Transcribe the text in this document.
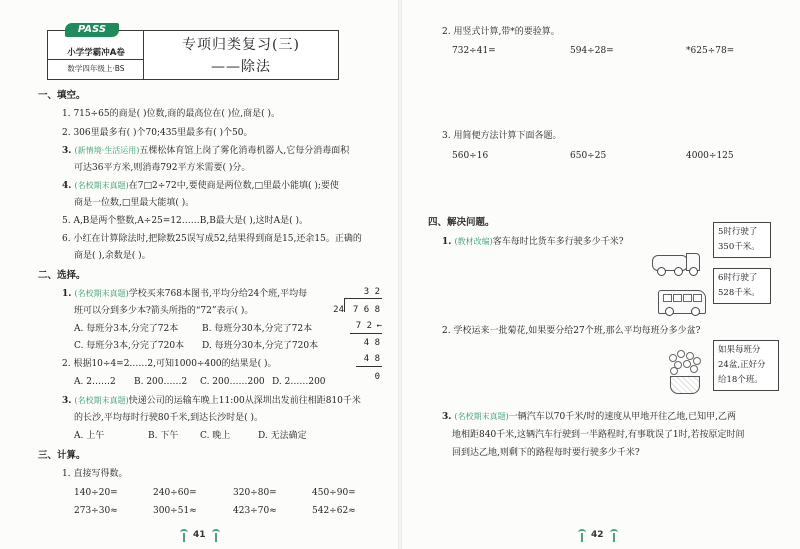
小学学霸冲A卷
数学四年级上·BS
专项归类复习(三)
——除法
PASS
一、填空。
1. 715÷65的商是( )位数,商的最高位在( )位,商是( )。
2. 306里最多有( )个70;435里最多有( )个50。
3. (新情境·生活运用)五棵松体育馆上岗了雾化消毒机器人,它每分消毒面积
可达36平方米,则消毒792平方米需要( )分。
4. (名校期末真题)在7□2÷72中,要使商是两位数,□里最小能填( );要使
商是一位数,□里最大能填( )。
5. A,B是两个整数,A÷25=12……B,B最大是( ),这时A是( )。
6. 小红在计算除法时,把除数25误写成52,结果得到商是15,还余15。正确的
商是( ),余数是( )。
二、选择。
1. (名校期末真题)学校买来768本图书,平均分给24个班,平均每
班可以分到多少本?箭头所指的“72”表示( )。
A. 每班分3本,分完了72本	B. 每班分30本,分完了72本
C. 每班分3本,分完了720本 D. 每班分30本,分完了720本
3 2
24 7 6 8
7 2 ←
4 8
4 8
0
2. 根据10÷4=2……2,可知1000÷400的结果是( )。
A. 2……2 B. 200……2 C. 200……200 D. 2……200
3. (名校期末真题)快递公司的运输车晚上11:00从深圳出发前往相距810千米
的长沙,平均每时行驶80千米,到达长沙时是( )。
A. 上午	B. 下午 C. 晚上	D. 无法确定
三、计算。
1. 直接写得数。
140÷20=	240÷60=	320÷80=	450÷90=
273÷30≈	300÷51≈	423÷70≈	542÷62≈
41
2. 用竖式计算,带*的要验算。
732÷41=	594÷28=	*625÷78=
3. 用简便方法计算下面各题。
560÷16	650÷25	4000÷125
四、解决问题。
1. (教材改编)客车每时比货车多行驶多少千米?
5时行驶了
350千米。
6时行驶了
528千米。
2. 学校运来一批菊花,如果要分给27个班,那么平均每班分多少盆?
如果每班分
24盆,正好分
给18个班。
3. (名校期末真题)一辆汽车以70千米/时的速度从甲地开往乙地,已知甲,乙两
地相距840千米,这辆汽车行驶到一半路程时,有事耽误了1时,若按原定时间
回到达乙地,则剩下的路程每时要行驶多少千米?
42
